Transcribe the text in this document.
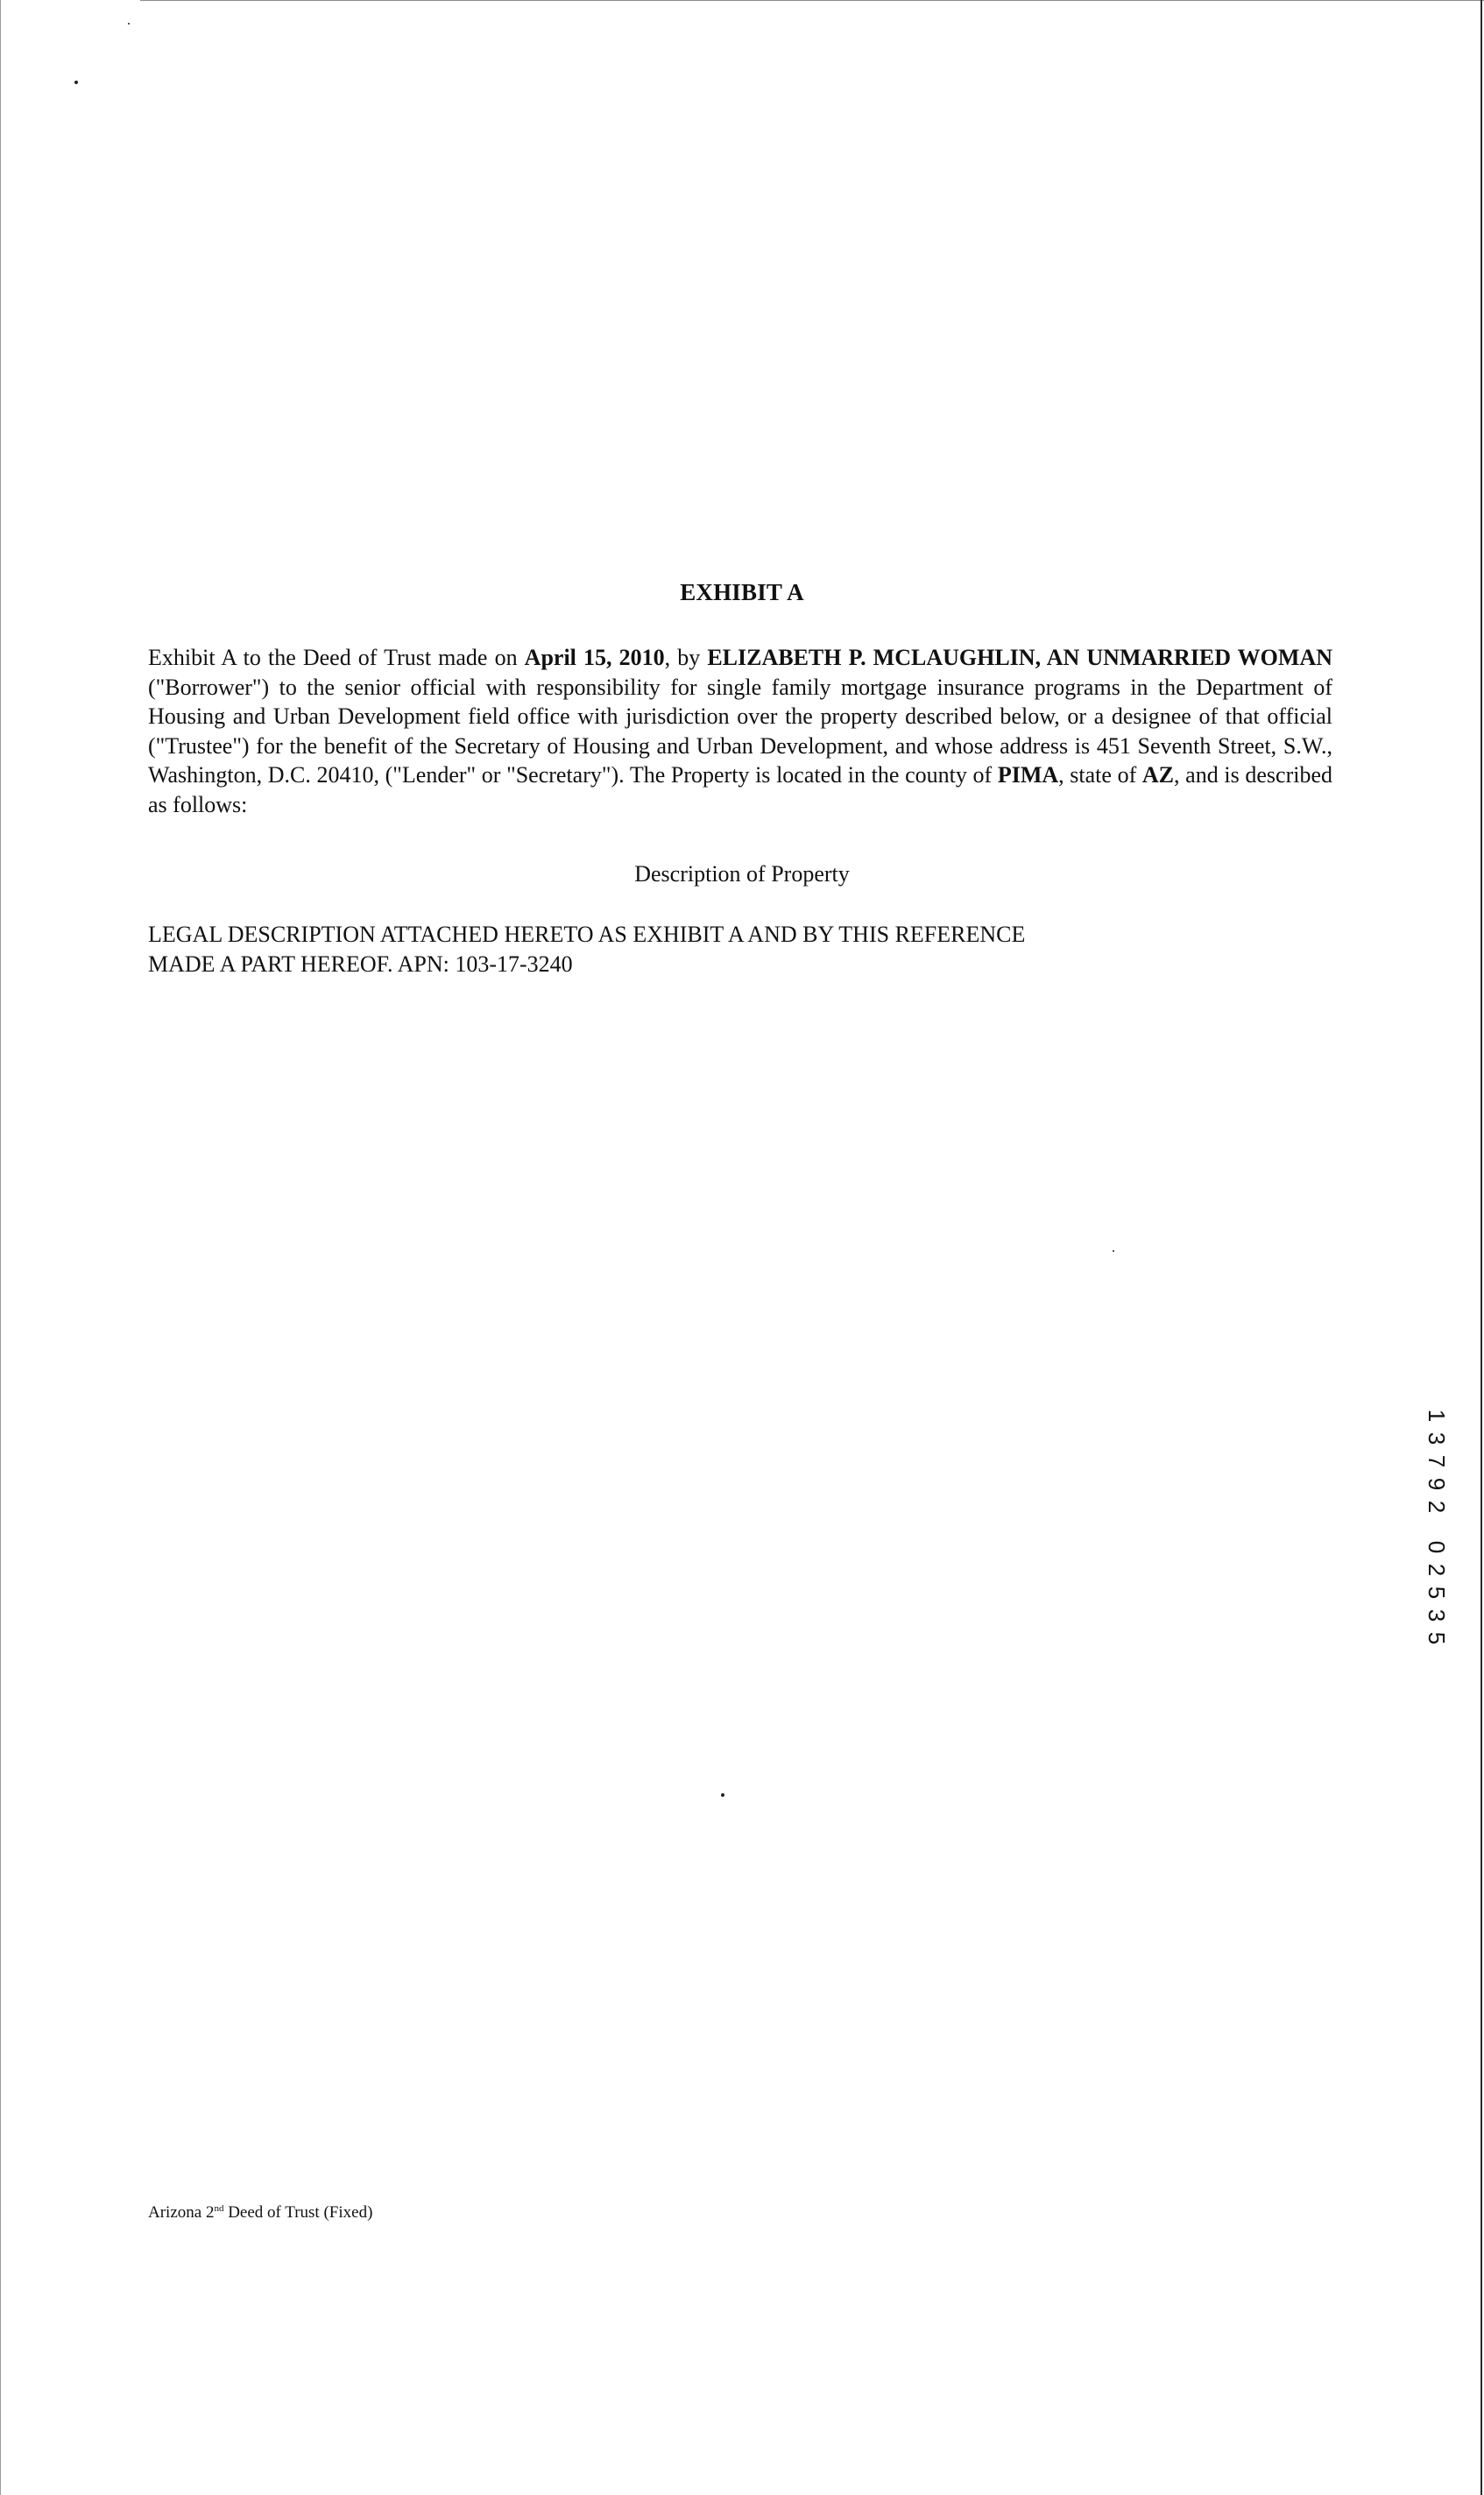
EXHIBIT A
Exhibit A to the Deed of Trust made on April 15, 2010, by ELIZABETH P. MCLAUGHLIN, AN UNMARRIED WOMAN ("Borrower") to the senior official with responsibility for single family mortgage insurance programs in the Department of Housing and Urban Development field office with jurisdiction over the property described below, or a designee of that official ("Trustee") for the benefit of the Secretary of Housing and Urban Development, and whose address is 451 Seventh Street, S.W., Washington, D.C. 20410, ("Lender" or "Secretary"). The Property is located in the county of PIMA, state of AZ, and is described as follows:
Description of Property
LEGAL DESCRIPTION ATTACHED HERETO AS EXHIBIT A AND BY THIS REFERENCE
MADE A PART HEREOF. APN: 103-17-3240
Arizona 2nd Deed of Trust (Fixed)
1
3
7
9
2
0
2
5
3
5
